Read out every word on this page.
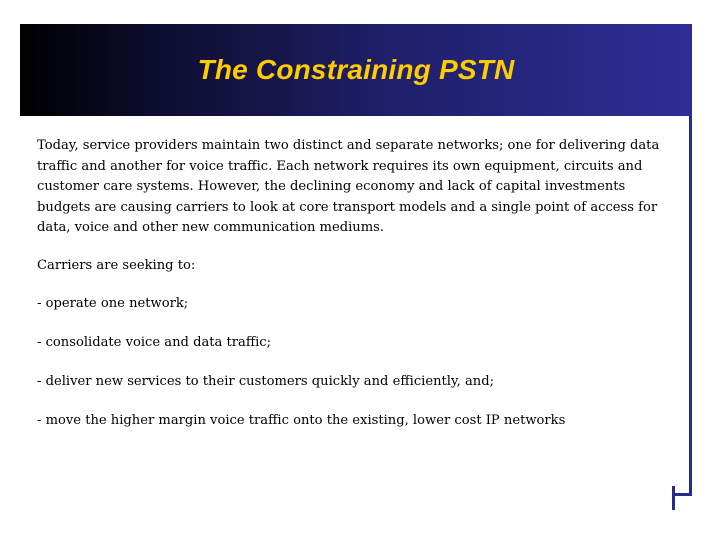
The Constraining PSTN

Today, service providers maintain two distinct and separate networks; one for delivering data traffic and another for voice traffic. Each network requires its own equipment, circuits and customer care systems. However, the declining economy and lack of capital investments budgets are causing carriers to look at core transport models and a single point of access for data, voice and other new communication mediums.

Carriers are seeking to:

- operate one network;

- consolidate voice and data traffic;

- deliver new services to their customers quickly and efficiently, and;

- move the higher margin voice traffic onto the existing, lower cost IP networks
